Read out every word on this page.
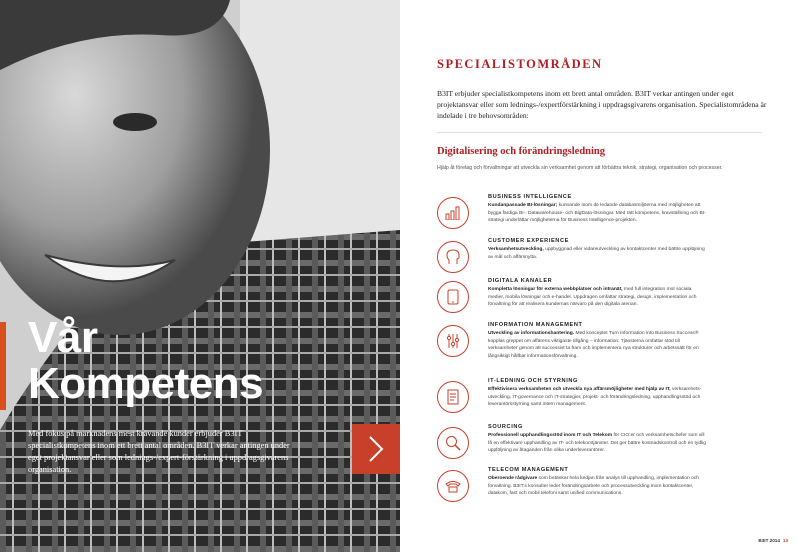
Vår
Kompetens
Med fokus på marknadens mest krävande kunder erbjuder B3IT specialistkompetens inom ett brett antal områden. B3IT verkar antingen under eget projektansvar eller som lednings-/expert-förstärkning i uppdragsgivarens organisation.
SPECIALISTOMRÅDEN
B3IT erbjuder specialistkompetens inom ett brett antal områden. B3IT verkar antingen under eget projektansvar eller som lednings-/expertförstärkning i uppdragsgivarens organisation. Specialistområdena är indelade i tre behovsområden:
Digitalisering och förändringsledning
Hjälp åt företag och förvaltningar att utveckla sin verksamhet genom att förbättra teknik, strategi, organisation och processer.
BUSINESS INTELLIGENCE
Kundanpassade BI-lösningar; kunnande inom de ledande databasmiljöerna med möjligheten att bygga färdiga BI-, Datawarehouse- och BigData-lösningar. Med rätt kompetens, kravställning och BI-strategi underlättar möjligheterna för Business Intelligence-projekten.
CUSTOMER EXPERIENCE
Verksamhetsutveckling, uppbyggnad eller vidareutveckling av kontaktcenter med bättre upplöjning av mål och affärsnytta.
DIGITALA KANALER
Kompletta lösningar för externa webbplatser och intranät, med full integration mot sociala medier, mobila lösningar och e-handel. Uppdragen omfattar strategi, design, implementation och förvaltning för att realisera kundernas närvaro på den digitala arenan.
INFORMATION MANAGEMENT
Utveckling av informationshantering. Med konceptet Turn Information into Business Success® kopplas greppet om affärens viktigaste tillgång – information. Tjänsterna omfattar stöd till verksamheter genom att successivt ta fram och implementera nya strukturer och arbetssätt för en långsiktigt hållbar informationsförvaltning.
IT-LEDNING OCH STYRNING
Effektivisera verksamheten och utveckla nya affärsmöjligheter med hjälp av IT, verksamhets-utveckling, IT-governance och IT-strategier, projekt- och förändringsledning, upphandlingsstöd och leverantörsstyrning samt intern management.
SOURCING
Professionell upphandlingsstöd inom IT och Telekom för CIO:er och verksamhetschefer som vill få en effektivare upphandling av IT- och telekomtjänster. Det ger bättre kostnadskontroll och en tydlig uppföljning av åtaganden från olika underleverantörer.
TELECOM MANAGEMENT
Oberoende rådgivare som betänkar hela kedjan från analys till upphandling, implementation och förvaltning. B3IT:s konsulter leder förändringsarbete och processutveckling inom kontaktcenter, datakom, fast och mobil telefoni samt unified communications.
B3IT 2014 13
